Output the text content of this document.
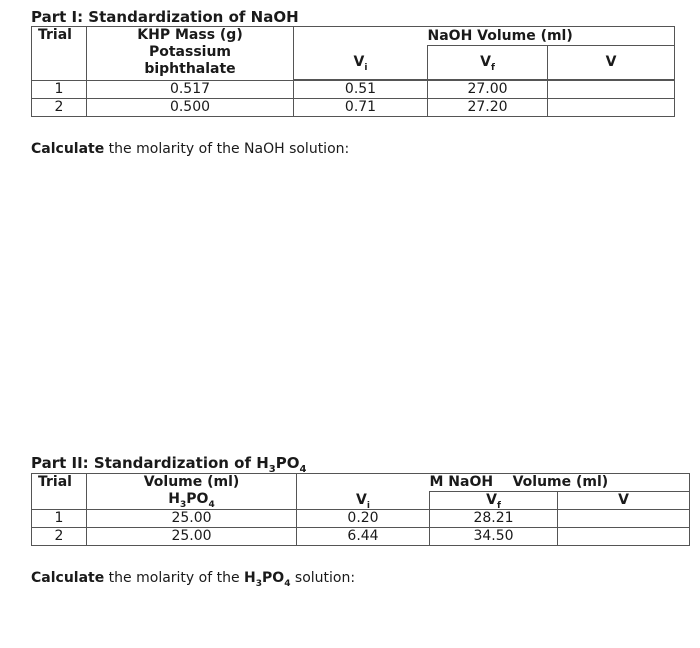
Part I: Standardization of NaOH
Trial	KHP Mass (g)
Potassium
biphthalate		NaOH Volume (ml)	
		$V_i$	$V_f$	V

1	0.517	0.51	27.00	
2	0.500	0.71	27.20	
Calculate the molarity of the NaOH solution:
Part II: Standardization of $H_3PO_4$
Trial	Volume (ml)
$H_3PO_4$		M NaOH    Volume (ml)	
		$V_i$	$V_f$	V
1	25.00	0.20	28.21	
2	25.00	6.44	34.50	
Calculate the molarity of the $H_3PO_4$ solution:
